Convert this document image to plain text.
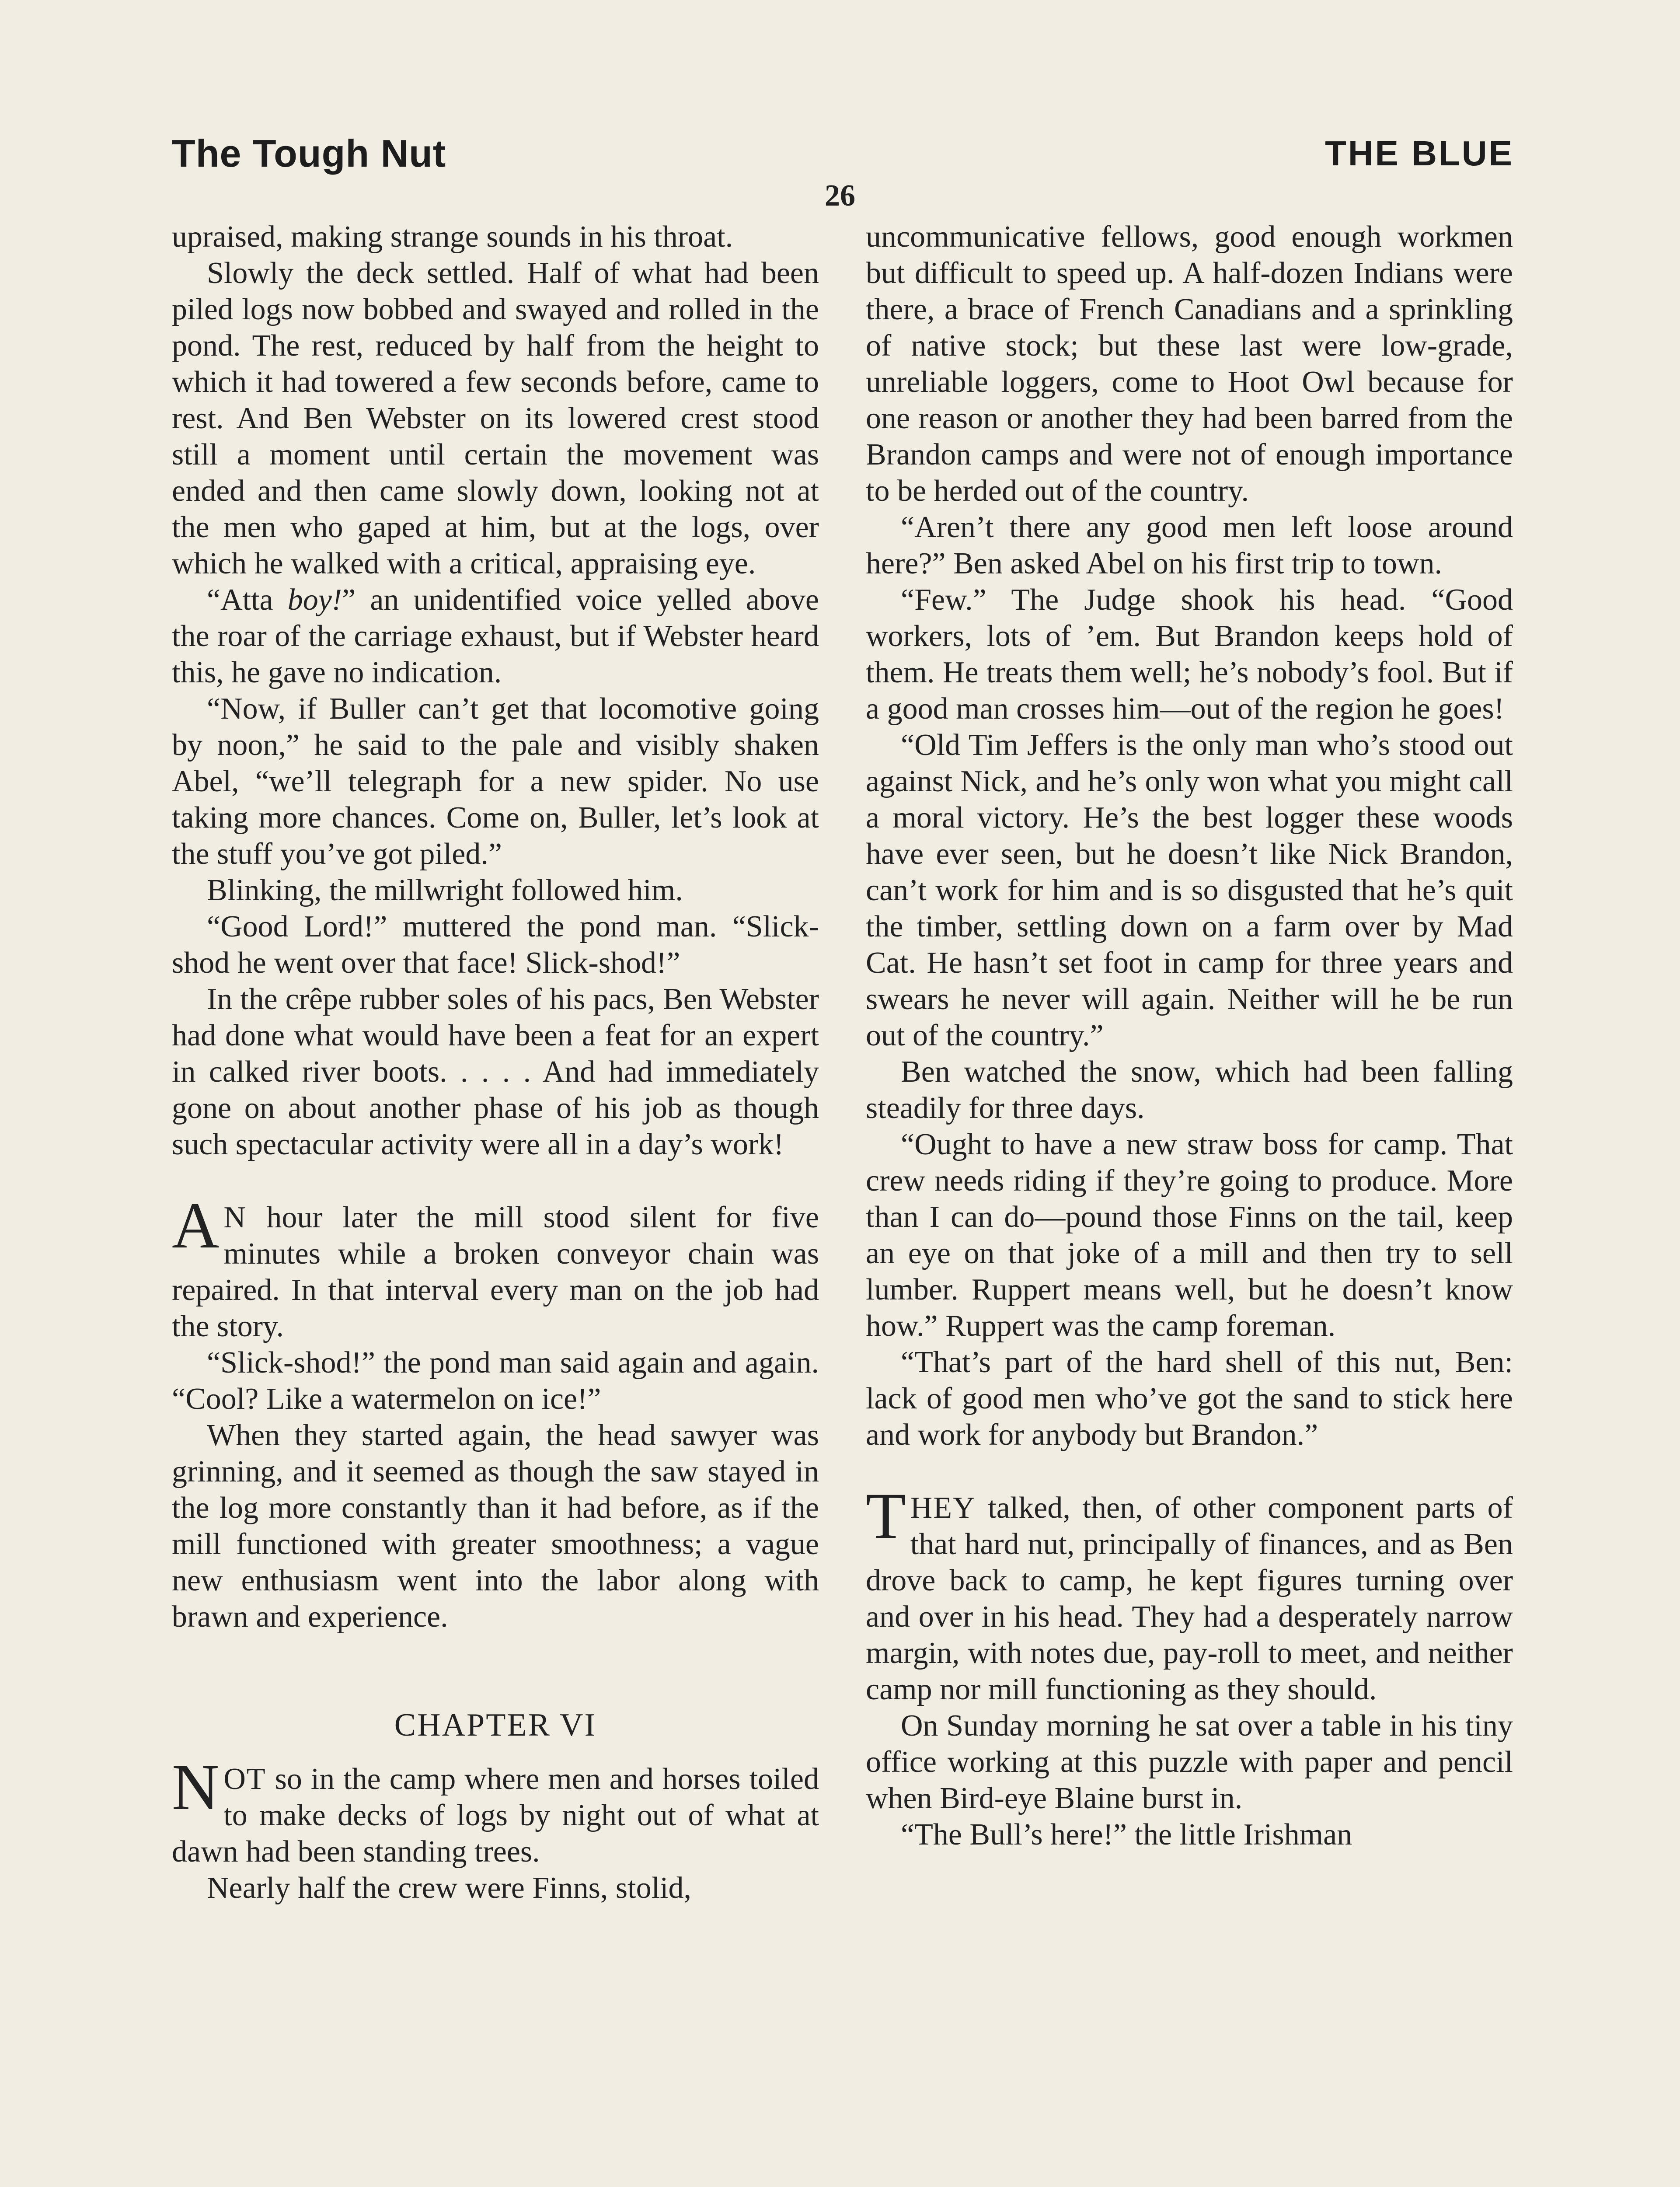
The Tough Nut	THE BLUE
26

upraised, making strange sounds in his throat.

Slowly the deck settled. Half of what had been piled logs now bobbed and swayed and rolled in the pond. The rest, reduced by half from the height to which it had towered a few seconds before, came to rest. And Ben Webster on its lowered crest stood still a moment until certain the movement was ended and then came slowly down, looking not at the men who gaped at him, but at the logs, over which he walked with a critical, appraising eye.

“Atta boy!” an unidentified voice yelled above the roar of the carriage exhaust, but if Webster heard this, he gave no indication.

“Now, if Buller can’t get that locomotive going by noon,” he said to the pale and visibly shaken Abel, “we’ll telegraph for a new spider. No use taking more chances. Come on, Buller, let’s look at the stuff you’ve got piled.”

Blinking, the millwright followed him.

“Good Lord!” muttered the pond man. “Slick-shod he went over that face! Slick-shod!”

In the crêpe rubber soles of his pacs, Ben Webster had done what would have been a feat for an expert in calked river boots. . . . . And had immediately gone on about another phase of his job as though such spectacular activity were all in a day’s work!

A N hour later the mill stood silent for five minutes while a broken conveyor chain was repaired. In that interval every man on the job had the story.

“Slick-shod!” the pond man said again and again. “Cool? Like a watermelon on ice!”

When they started again, the head sawyer was grinning, and it seemed as though the saw stayed in the log more constantly than it had before, as if the mill functioned with greater smoothness; a vague new enthusiasm went into the labor along with brawn and experience.

CHAPTER VI

NOT so in the camp where men and horses toiled to make decks of logs by night out of what at dawn had been standing trees.

Nearly half the crew were Finns, stolid,

uncommunicative fellows, good enough workmen but difficult to speed up. A half-dozen Indians were there, a brace of French Canadians and a sprinkling of native stock; but these last were low-grade, unreliable loggers, come to Hoot Owl because for one reason or another they had been barred from the Brandon camps and were not of enough importance to be herded out of the country.

“Aren’t there any good men left loose around here?” Ben asked Abel on his first trip to town.

“Few.” The Judge shook his head. “Good workers, lots of ’em. But Brandon keeps hold of them. He treats them well; he’s nobody’s fool. But if a good man crosses him—out of the region he goes!

“Old Tim Jeffers is the only man who’s stood out against Nick, and he’s only won what you might call a moral victory. He’s the best logger these woods have ever seen, but he doesn’t like Nick Brandon, can’t work for him and is so disgusted that he’s quit the timber, settling down on a farm over by Mad Cat. He hasn’t set foot in camp for three years and swears he never will again. Neither will he be run out of the country.”

Ben watched the snow, which had been falling steadily for three days.

“Ought to have a new straw boss for camp. That crew needs riding if they’re going to produce. More than I can do—pound those Finns on the tail, keep an eye on that joke of a mill and then try to sell lumber. Ruppert means well, but he doesn’t know how.” Ruppert was the camp foreman.

“That’s part of the hard shell of this nut, Ben: lack of good men who’ve got the sand to stick here and work for anybody but Brandon.”

THEY talked, then, of other component parts of that hard nut, principally of finances, and as Ben drove back to camp, he kept figures turning over and over in his head. They had a desperately narrow margin, with notes due, pay-roll to meet, and neither camp nor mill functioning as they should.

On Sunday morning he sat over a table in his tiny office working at this puzzle with paper and pencil when Bird-eye Blaine burst in.

“The Bull’s here!” the little Irishman
